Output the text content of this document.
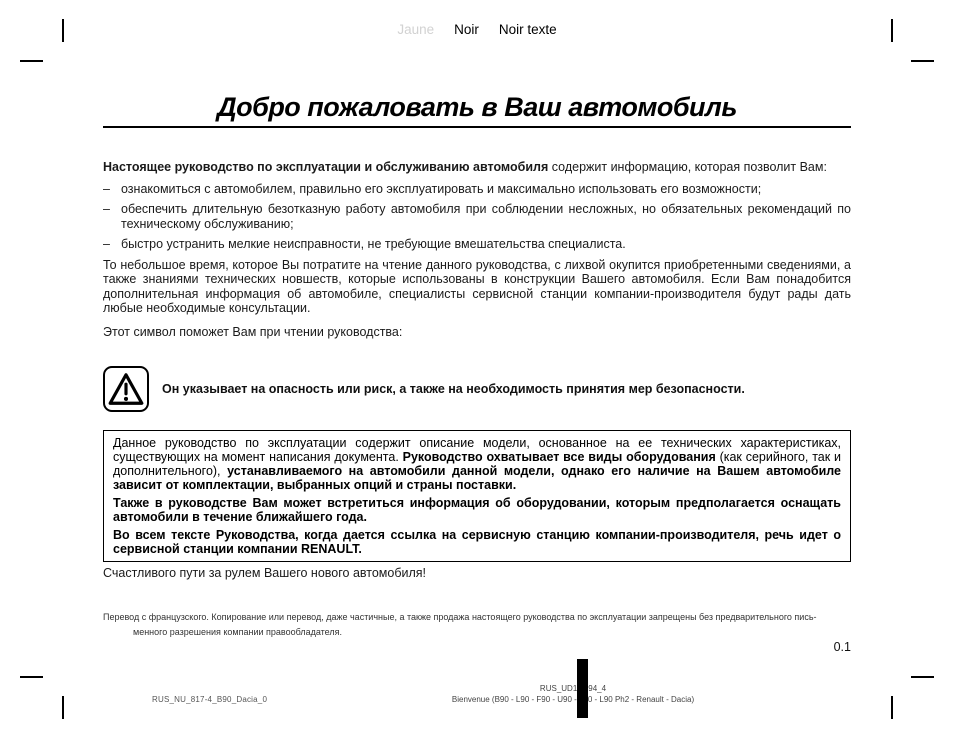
Jaune Noir Noir texte
Добро пожаловать в Ваш автомобиль
Настоящее руководство по эксплуатации и обслуживанию автомобиля содержит информацию, которая позволит Вам:
– ознакомиться с автомобилем, правильно его эксплуатировать и максимально использовать его возможности;
– обеспечить длительную безотказную работу автомобиля при соблюдении несложных, но обязательных рекомендаций по техническому обслуживанию;
– быстро устранить мелкие неисправности, не требующие вмешательства специалиста.
То небольшое время, которое Вы потратите на чтение данного руководства, с лихвой окупится приобретенными сведениями, а также знаниями технических новшеств, которые использованы в конструкции Вашего автомобиля. Если Вам понадобится дополнительная информация об автомобиле, специалисты сервисной станции компании-производителя будут рады дать любые необходимые консультации.
Этот символ поможет Вам при чтении руководства:
Он указывает на опасность или риск, а также на необходимость принятия мер безопасности.

Данное руководство по эксплуатации содержит описание модели, основанное на ее технических характеристиках, существующих на момент написания документа. Руководство охватывает все виды оборудования (как серийного, так и дополнительного), устанавливаемого на автомобили данной модели, однако его наличие на Вашем автомобиле зависит от комплектации, выбранных опций и страны поставки.

Также в руководстве Вам может встретиться информация об оборудовании, которым предполагается оснащать автомобили в течение ближайшего года.

Во всем тексте Руководства, когда дается ссылка на сервисную станцию компании-производителя, речь идет о сервисной станции компании RENAULT.

Счастливого пути за рулем Вашего нового автомобиля!
Перевод с французского. Копирование или перевод, даже частичные, а также продажа настоящего руководства по эксплуатации запрещены без предварительного пись-
менного разрешения компании правообладателя.
0.1
RUS_NU_817-4_B90_Dacia_0
RUS_UD1 94_4
Bienvenue (B90 - L90 - F90 - U90 - 0 - L90 Ph2 - Renault - Dacia)
